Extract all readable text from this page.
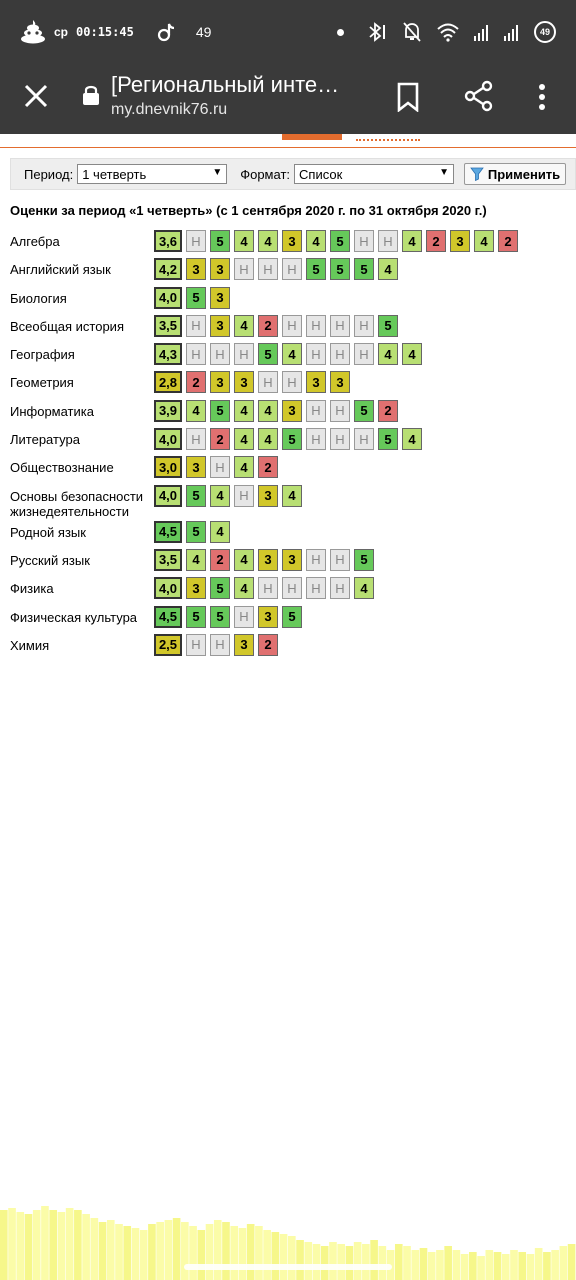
ср 00:15:45	49	49
[Региональный инте…
my.dnevnik76.ru
Период: 1 четверть	▼ Формат: Список	▼	Применить
Оценки за период «1 четверть» (с 1 сентября 2020 г. по 31 октября 2020 г.)
Алгебра	3,6	Н	5	4	4	3	4	5	Н	Н	4	2	3	4	2
Английский язык	4,2	3	3	Н	Н	Н	5	5	5	4
Биология	4,0	5	3
Всеобщая история	3,5	Н	3	4	2	Н	Н	Н	Н	5
География	4,3	Н	Н	Н	5	4	Н	Н	Н	4	4
Геометрия	2,8	2	3	3	Н	Н	3	3
Информатика	3,9	4	5	4	4	3	Н	Н	5	2
Литература	4,0	Н	2	4	4	5	Н	Н	Н	5	4
Обществознание	3,0	3	Н	4	2
Основы безопасности жизнедеятельности
4,0	5	4	Н	3	4
Родной язык	4,5	5	4
Русский язык	3,5	4	2	4	3	3	Н	Н	5
Физика	4,0	3	5	4	Н	Н	Н	Н	4
Физическая культура	4,5	5	5	Н	3	5
Химия	2,5	Н	Н	3	2
